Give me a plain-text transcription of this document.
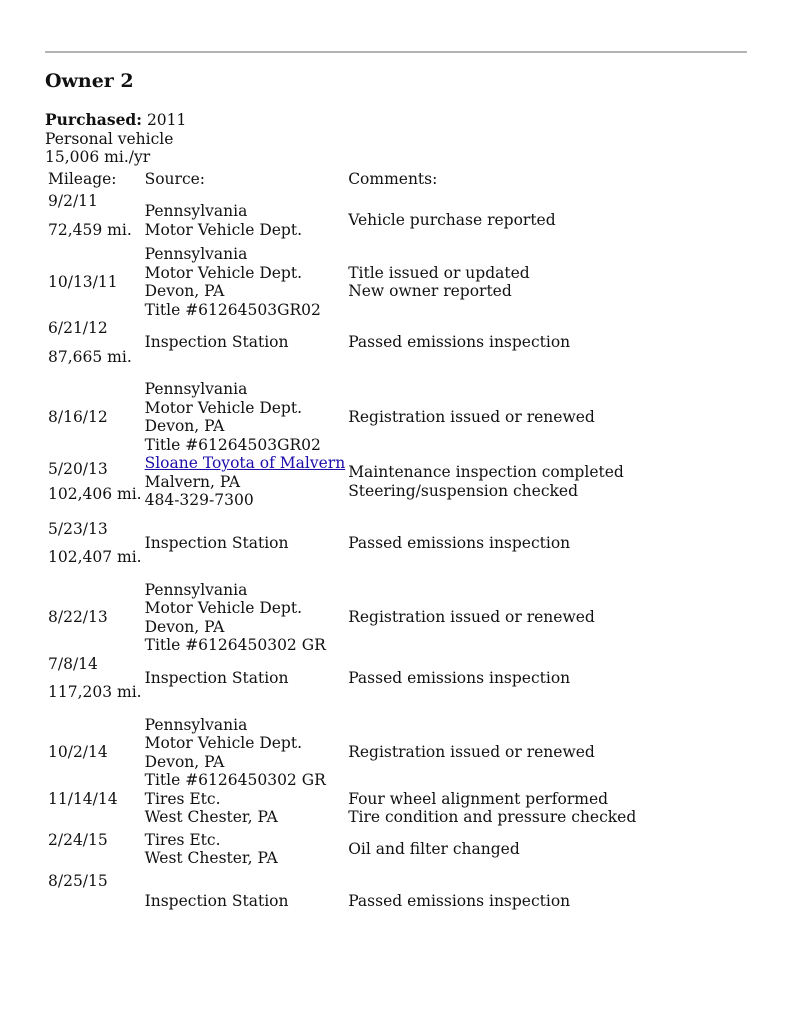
Owner 2
Purchased: 2011
Personal vehicle
15,006 mi./yr
Mileage:	Source:	Comments:

9/2/11
72,459 mi.	Pennsylvania
Motor Vehicle Dept.	Vehicle purchase reported

10/13/11	Pennsylvania
Motor Vehicle Dept.
Devon, PA
Title #61264503GR02	Title issued or updated
New owner reported

6/21/12
87,665 mi.	Inspection Station	Passed emissions inspection

8/16/12	Pennsylvania
Motor Vehicle Dept.
Devon, PA
Title #61264503GR02	Registration issued or renewed

5/20/13
102,406 mi.	Sloane Toyota of Malvern
Malvern, PA
484-329-7300	Maintenance inspection completed
Steering/suspension checked

5/23/13
102,407 mi.	Inspection Station	Passed emissions inspection

8/22/13	Pennsylvania
Motor Vehicle Dept.
Devon, PA
Title #6126450302 GR	Registration issued or renewed

7/8/14
117,203 mi.	Inspection Station	Passed emissions inspection

10/2/14	Pennsylvania
Motor Vehicle Dept.
Devon, PA
Title #6126450302 GR	Registration issued or renewed

11/14/14	Tires Etc.
West Chester, PA	Four wheel alignment performed
Tire condition and pressure checked

2/24/15	Tires Etc.
West Chester, PA	Oil and filter changed

8/25/15	Inspection Station	Passed emissions inspection
